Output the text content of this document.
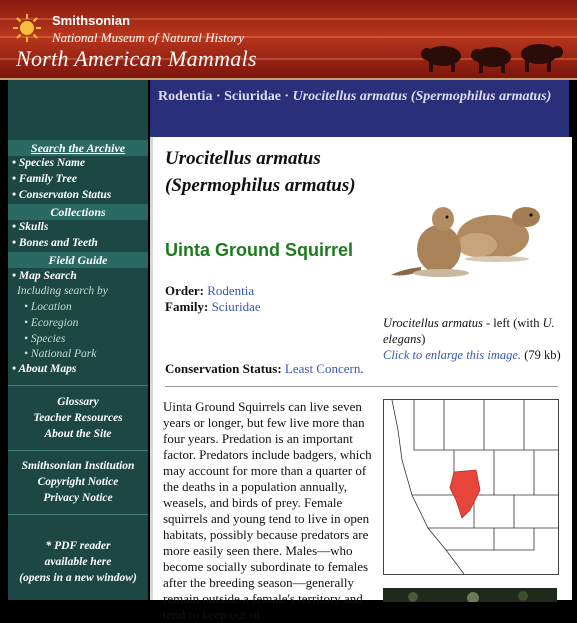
Smithsonian
National Museum of Natural History
North American Mammals
Search the Archive
• Species Name
• Family Tree
• Conservaton Status
Collections
• Skulls
• Bones and Teeth
Field Guide
• Map Search
Including search by
• Location
• Ecoregion
• Species
• National Park
• About Maps
Glossary
Teacher Resources
About the Site
Smithsonian Institution
Copyright Notice
Privacy Notice
* PDF reader
available here
(opens in a new window)
Rodentia · Sciuridae · Urocitellus armatus (Spermophilus armatus)
Urocitellus armatus (Spermophilus armatus)
Uinta Ground Squirrel
Order: Rodentia
Family: Sciuridae
Urocitellus armatus - left (with U. elegans)
Click to enlarge this image. (79 kb)
Conservation Status: Least Concern.
Uinta Ground Squirrels can live seven years or longer, but few live more than four years. Predation is an important factor. Predators include badgers, which may account for more than a quarter of the deaths in a population annually, weasels, and birds of prey. Female squirrels and young tend to live in open habitats, possibly because predators are more easily seen there. Males—who become socially subordinate to females after the breeding season—generally remain outside a female's territory and tend to keep out of
